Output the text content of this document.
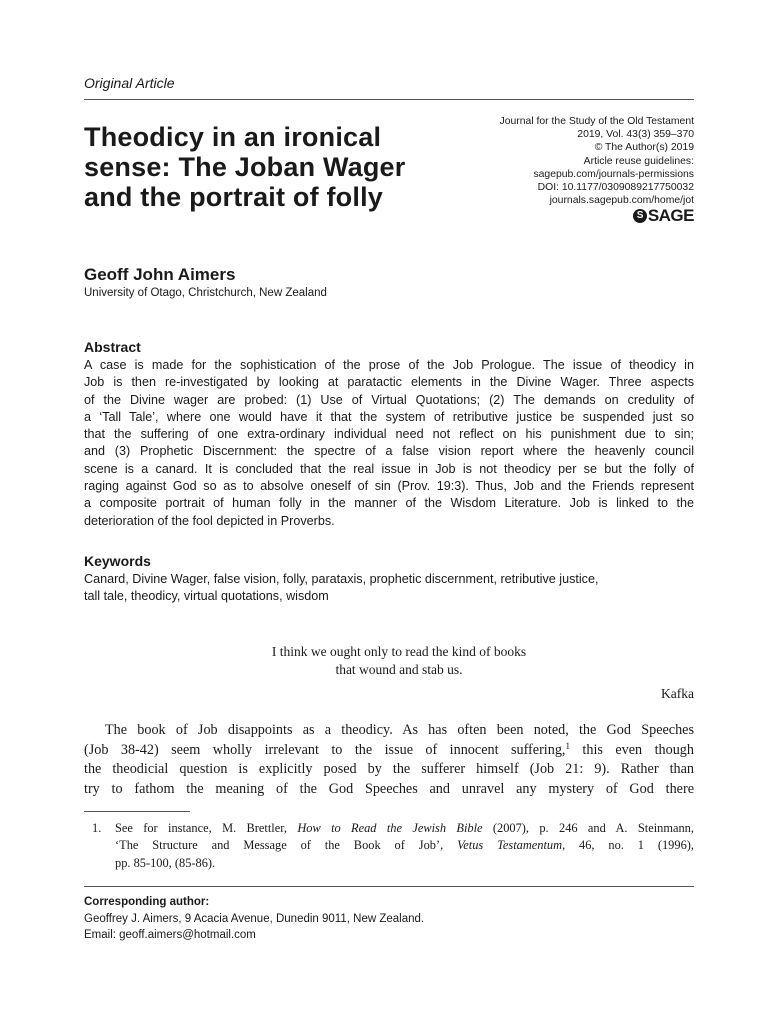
Original Article
Theodicy in an ironical
sense: The Joban Wager
and the portrait of folly
Journal for the Study of the Old Testament
2019, Vol. 43(3) 359–370
© The Author(s) 2019
Article reuse guidelines:
sagepub.com/journals-permissions
DOI: 10.1177/0309089217750032
journals.sagepub.com/home/jot
S SAGE
Geoff John Aimers
University of Otago, Christchurch, New Zealand
Abstract
A case is made for the sophistication of the prose of the Job Prologue. The issue of theodicy in
Job is then re-investigated by looking at paratactic elements in the Divine Wager. Three aspects
of the Divine wager are probed: (1) Use of Virtual Quotations; (2) The demands on credulity of
a ‘Tall Tale’, where one would have it that the system of retributive justice be suspended just so
that the suffering of one extra-ordinary individual need not reflect on his punishment due to sin;
and (3) Prophetic Discernment: the spectre of a false vision report where the heavenly council
scene is a canard. It is concluded that the real issue in Job is not theodicy per se but the folly of
raging against God so as to absolve oneself of sin (Prov. 19:3). Thus, Job and the Friends represent
a composite portrait of human folly in the manner of the Wisdom Literature. Job is linked to the
deterioration of the fool depicted in Proverbs.
Keywords
Canard, Divine Wager, false vision, folly, parataxis, prophetic discernment, retributive justice,
tall tale, theodicy, virtual quotations, wisdom
I think we ought only to read the kind of books
that wound and stab us.
Kafka
The book of Job disappoints as a theodicy. As has often been noted, the God Speeches
(Job 38-42) seem wholly irrelevant to the issue of innocent suffering,$^1$ this even though
the theodicial question is explicitly posed by the sufferer himself (Job 21: 9). Rather than
try to fathom the meaning of the God Speeches and unravel any mystery of God there
1. See for instance, M. Brettler, How to Read the Jewish Bible (2007), p. 246 and A. Steinmann,
‘The Structure and Message of the Book of Job’, Vetus Testamentum, 46, no. 1 (1996),
pp. 85-100, (85-86).
Corresponding author:
Geoffrey J. Aimers, 9 Acacia Avenue, Dunedin 9011, New Zealand.
Email: geoff.aimers@hotmail.com
